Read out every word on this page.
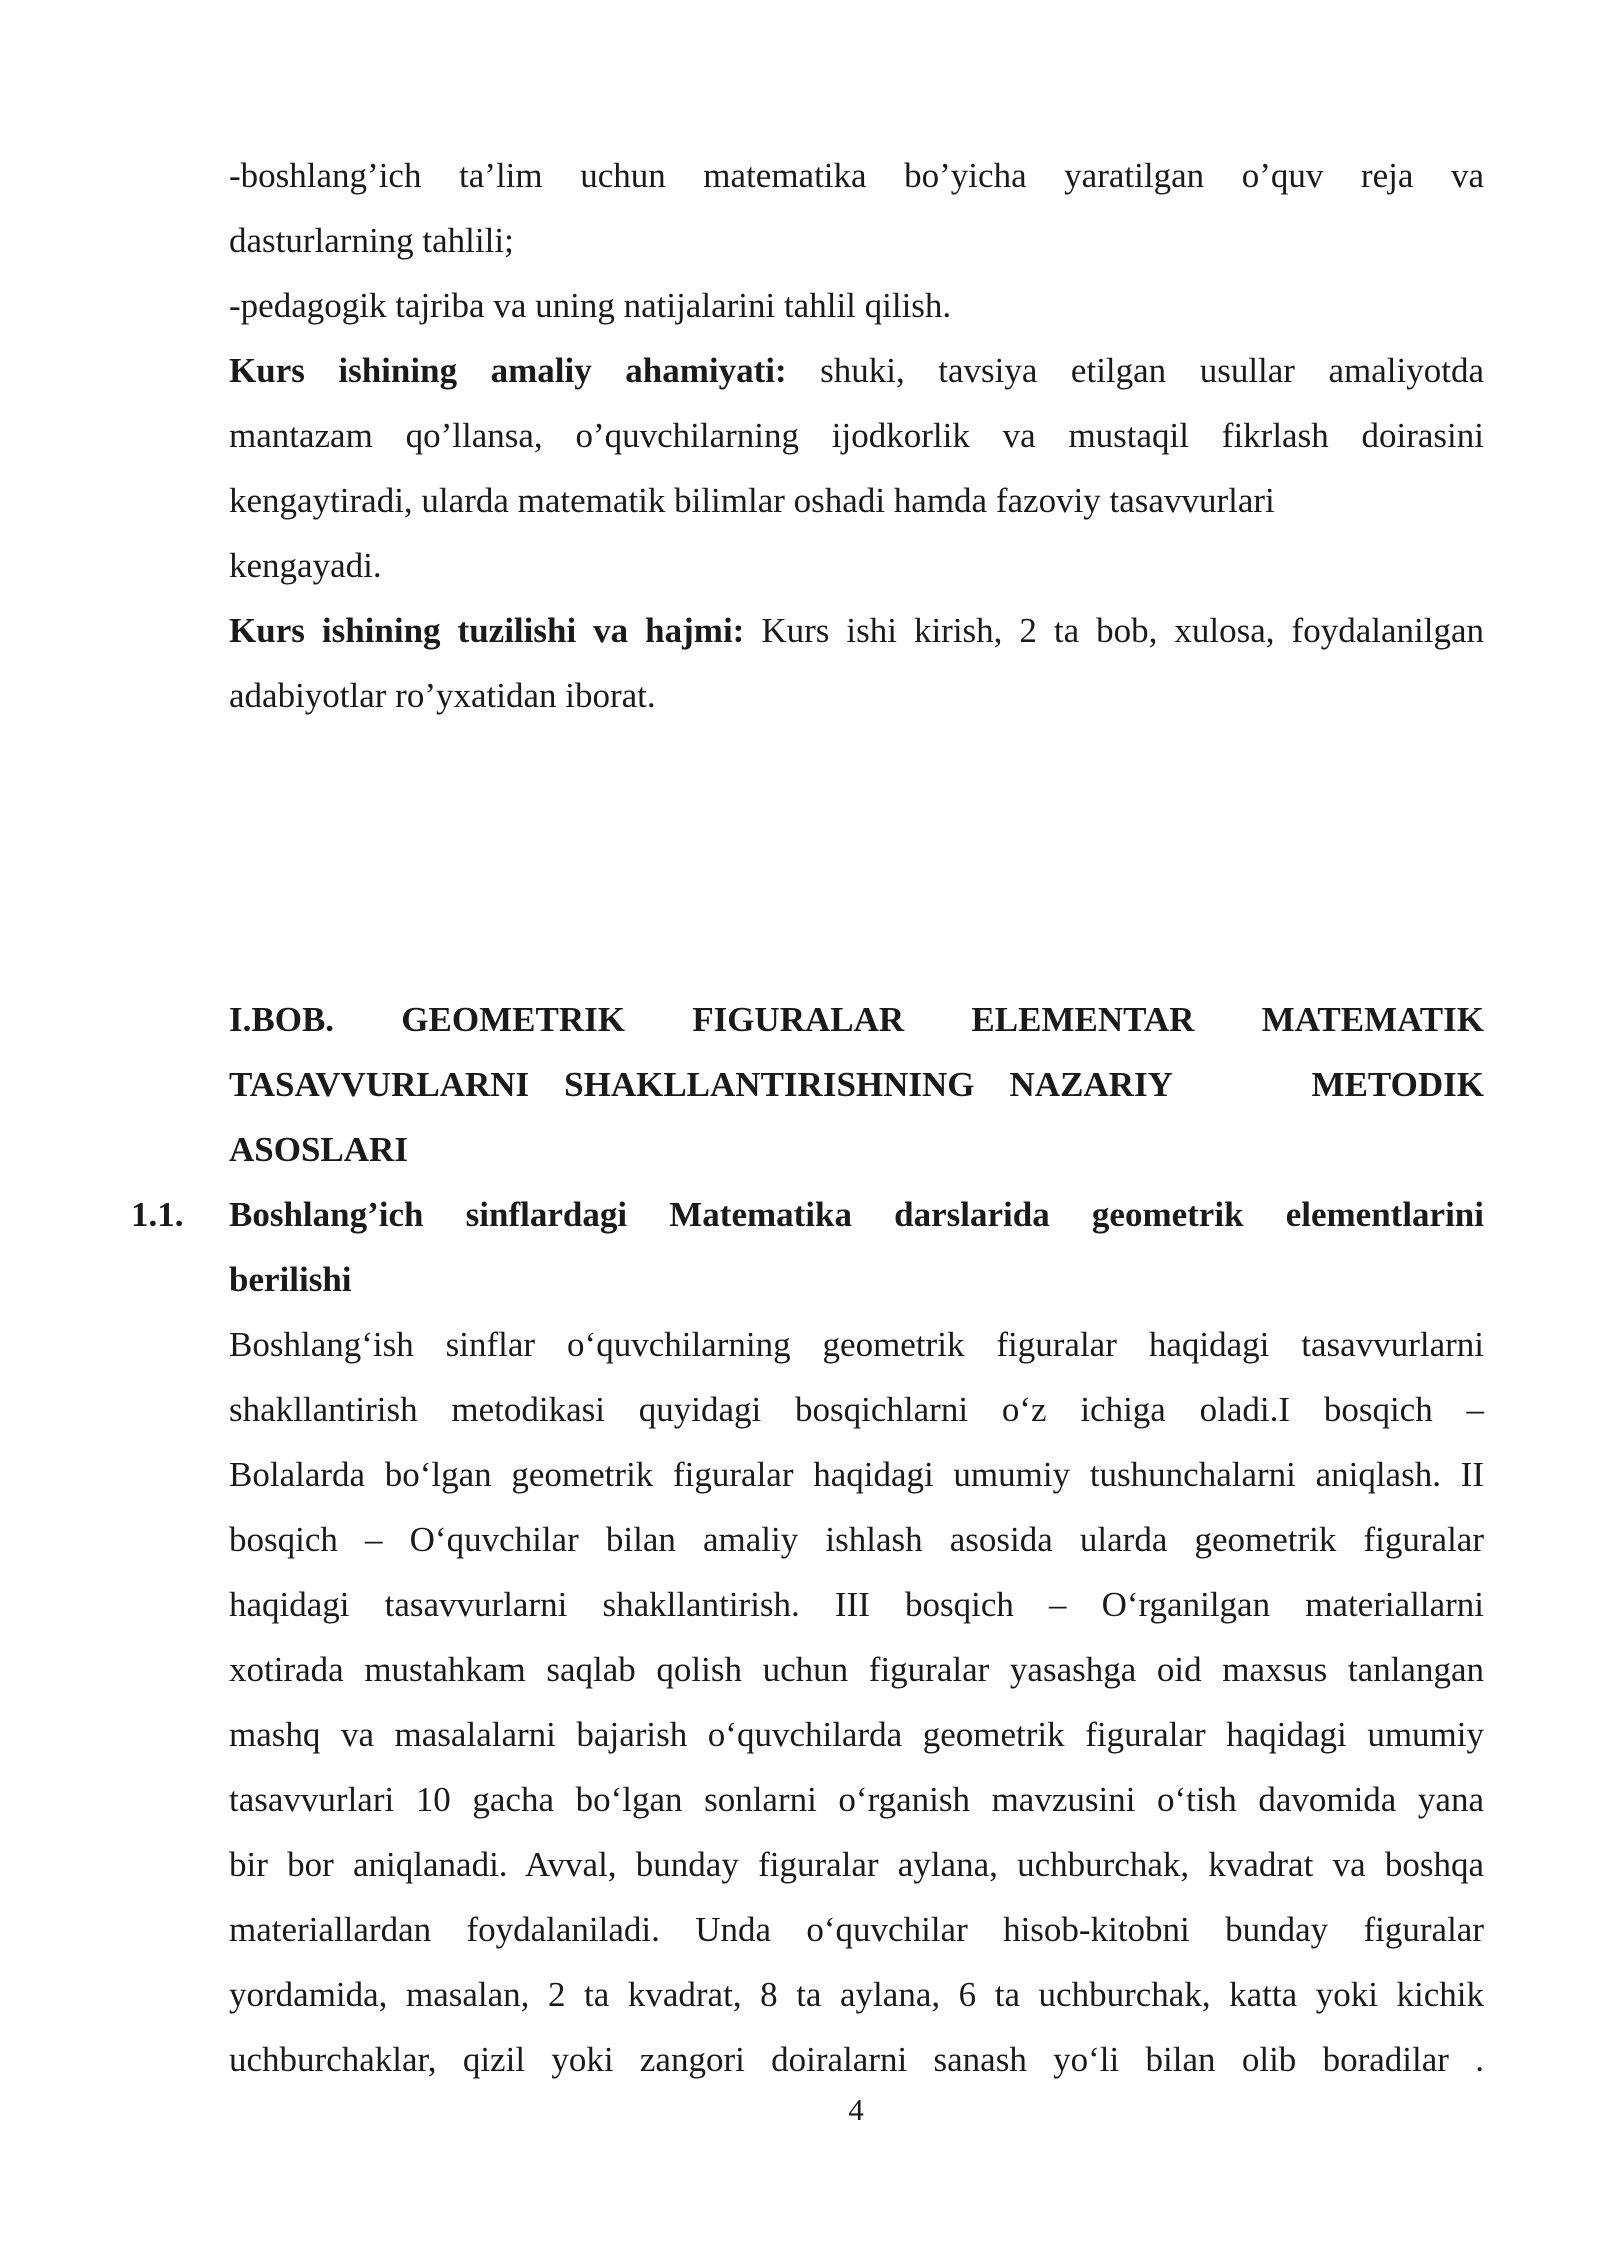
-boshlang’ich ta’lim uchun matematika bo’yicha yaratilgan o’quv reja va
dasturlarning tahlili;
-pedagogik tajriba va uning natijalarini tahlil qilish.
Kurs ishining amaliy ahamiyati: shuki, tavsiya etilgan usullar amaliyotda
mantazam qo’llansa, o’quvchilarning ijodkorlik va mustaqil fikrlash doirasini
kengaytiradi, ularda matematik bilimlar oshadi hamda fazoviy tasavvurlari
kengayadi.
Kurs ishining tuzilishi va hajmi: Kurs ishi kirish, 2 ta bob, xulosa, foydalanilgan
adabiyotlar ro’yxatidan iborat.
I.BOB. GEOMETRIK FIGURALAR ELEMENTAR MATEMATIK
TASAVVURLARNI SHAKLLANTIRISHNING NAZARIY    METODIK
ASOSLARI
1.1. Boshlang’ich sinflardagi Matematika darslarida geometrik elementlarini
berilishi
Boshlang‘ish sinflar o‘quvchilarning geometrik figuralar haqidagi tasavvurlarni
shakllantirish metodikasi quyidagi bosqichlarni o‘z ichiga oladi.I bosqich –
Bolalarda bo‘lgan geometrik figuralar haqidagi umumiy tushunchalarni aniqlash. II
bosqich – O‘quvchilar bilan amaliy ishlash asosida ularda geometrik figuralar
haqidagi tasavvurlarni shakllantirish. III bosqich – O‘rganilgan materiallarni
xotirada mustahkam saqlab qolish uchun figuralar yasashga oid maxsus tanlangan
mashq va masalalarni bajarish o‘quvchilarda geometrik figuralar haqidagi umumiy
tasavvurlari 10 gacha bo‘lgan sonlarni o‘rganish mavzusini o‘tish davomida yana
bir bor aniqlanadi. Avval, bunday figuralar aylana, uchburchak, kvadrat va boshqa
materiallardan foydalaniladi. Unda o‘quvchilar hisob-kitobni bunday figuralar
yordamida, masalan, 2 ta kvadrat, 8 ta aylana, 6 ta uchburchak, katta yoki kichik
uchburchaklar, qizil yoki zangori doiralarni sanash yo‘li bilan olib boradilar .
4
